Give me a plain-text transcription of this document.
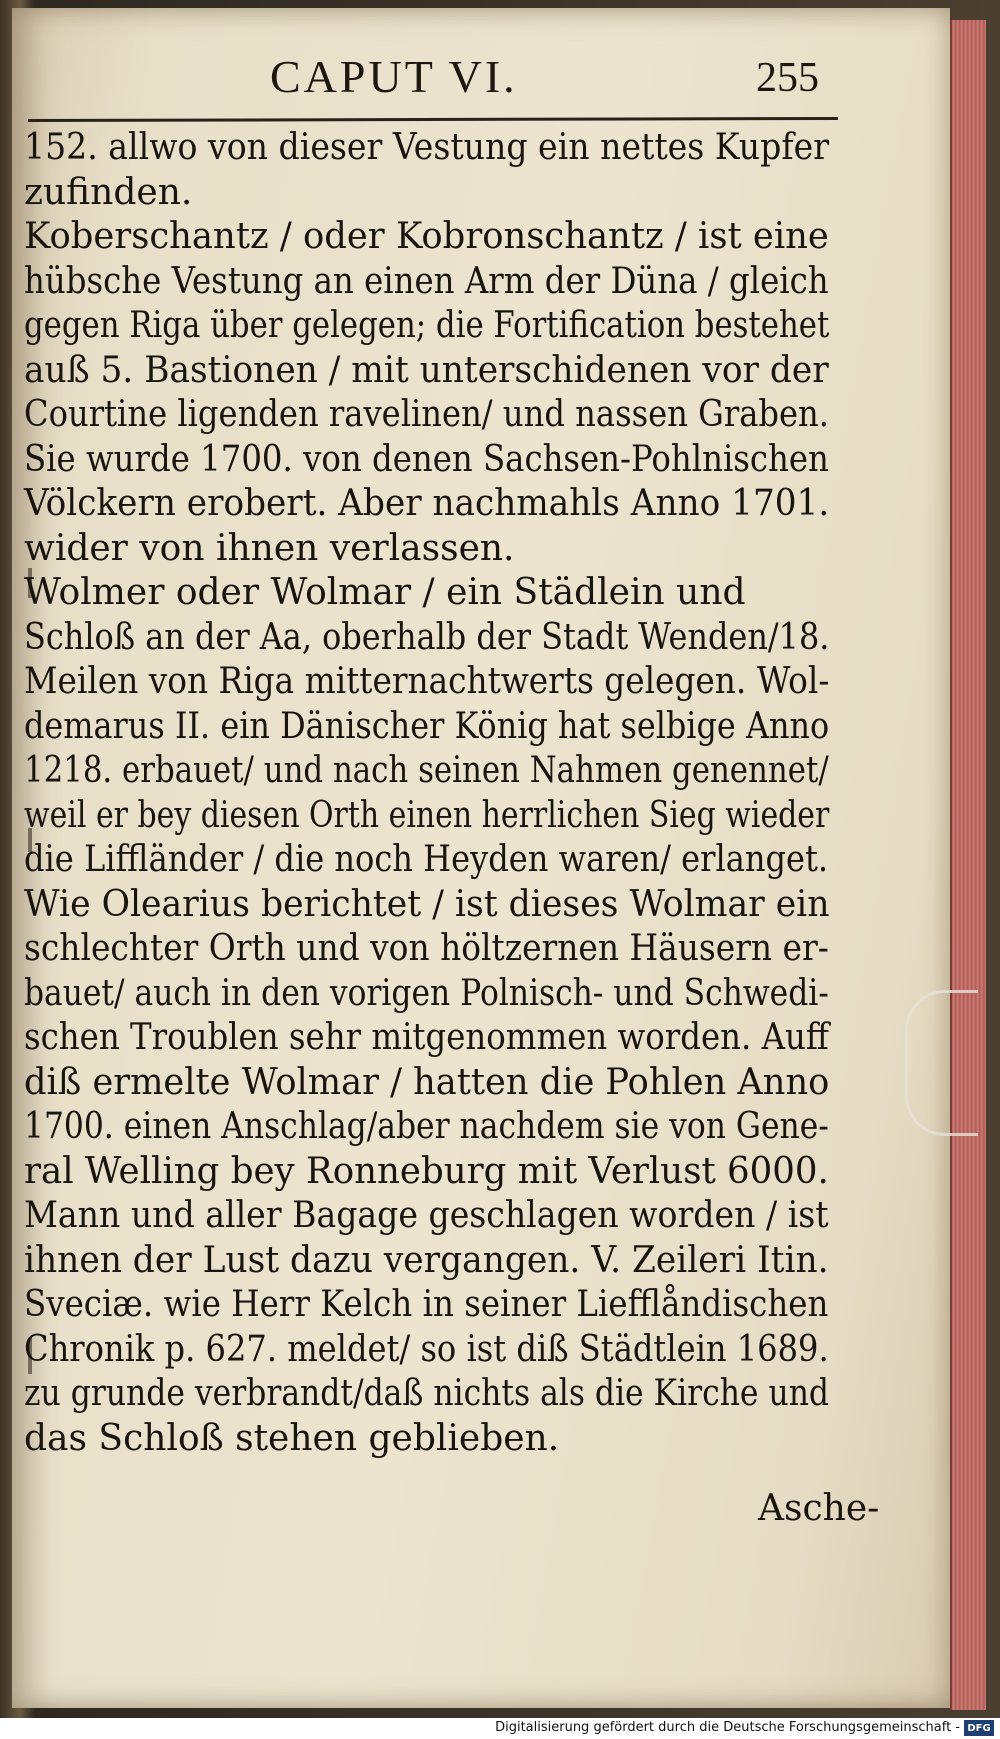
CAPUT VI.	255
152. allwo von dieser Vestung ein nettes Kupfer
zufinden.
Koberschantz / oder Kobronschantz / ist eine
hübsche Vestung an einen Arm der Düna / gleich
gegen Riga über gelegen; die Fortification bestehet
auß 5. Bastionen / mit unterschidenen vor der
Courtine ligenden ravelinen/ und nassen Graben.
Sie wurde 1700. von denen Sachsen-Pohlnischen
Völckern erobert. Aber nachmahls Anno 1701.
wider von ihnen verlassen.
Wolmer oder Wolmar / ein Städlein und
Schloß an der Aa, oberhalb der Stadt Wenden/18.
Meilen von Riga mitternachtwerts gelegen. Wol-
demarus II. ein Dänischer König hat selbige Anno
1218. erbauet/ und nach seinen Nahmen genennet/
weil er bey diesen Orth einen herrlichen Sieg wieder
die Liffländer / die noch Heyden waren/ erlanget.
Wie Olearius berichtet / ist dieses Wolmar ein
schlechter Orth und von höltzernen Häusern er-
bauet/ auch in den vorigen Polnisch- und Schwedi-
schen Troublen sehr mitgenommen worden. Auff
diß ermelte Wolmar / hatten die Pohlen Anno
1700. einen Anschlag/aber nachdem sie von Gene-
ral Welling bey Ronneburg mit Verlust 6000.
Mann und aller Bagage geschlagen worden / ist
ihnen der Lust dazu vergangen. V. Zeileri Itin.
Sveciæ. wie Herr Kelch in seiner Liefflåndischen
Chronik p. 627. meldet/ so ist diß Städtlein 1689.
zu grunde verbrandt/daß nichts als die Kirche und
das Schloß stehen geblieben.
Asche-
Digitalisierung gefördert durch die Deutsche Forschungsgemeinschaft - DFG
